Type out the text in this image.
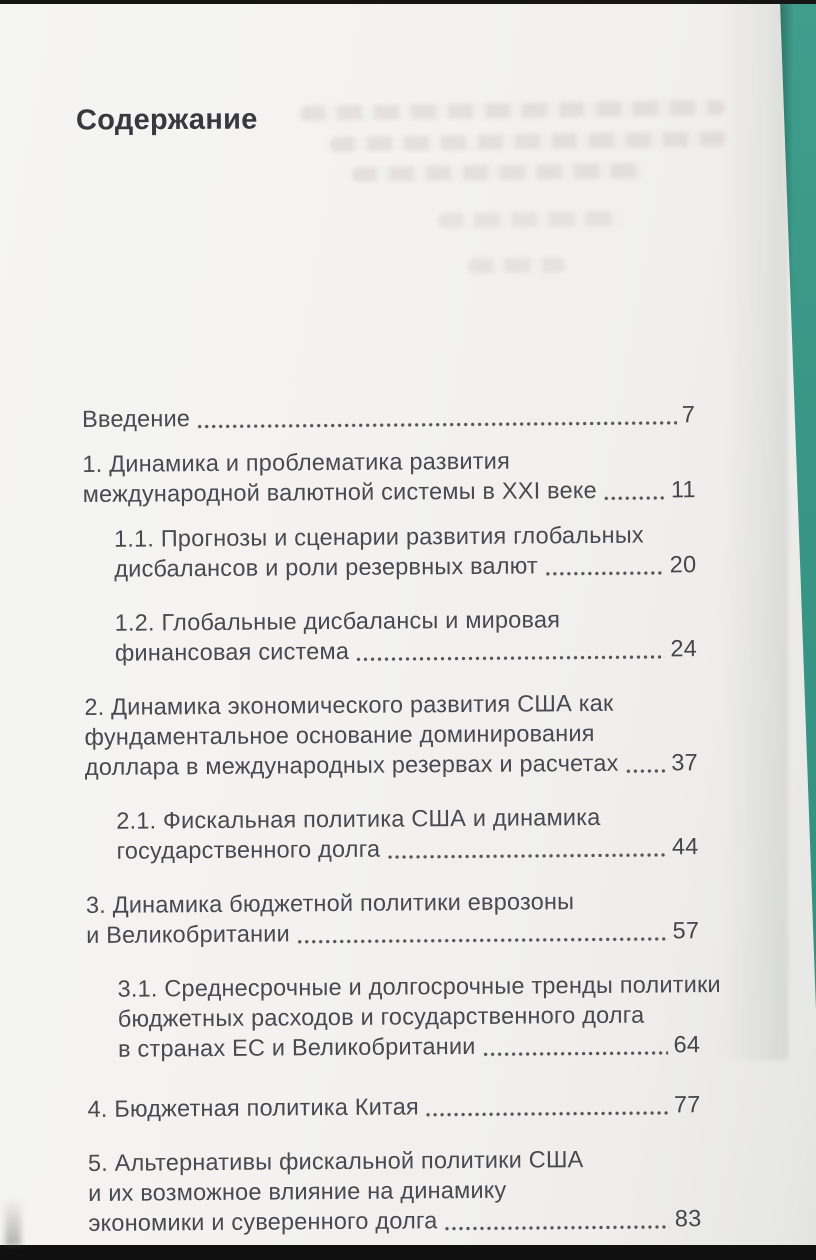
Содержание
Введение	7
1. Динамика и проблематика развития
международной валютной системы в XXI веке	11
1.1. Прогнозы и сценарии развития глобальных
дисбалансов и роли резервных валют	20
1.2. Глобальные дисбалансы и мировая
финансовая система	24
2. Динамика экономического развития США как
фундаментальное основание доминирования
доллара в международных резервах и расчетах 37
2.1. Фискальная политика США и динамика
государственного долга	44
3. Динамика бюджетной политики еврозоны
и Великобритании	57
3.1. Среднесрочные и долгосрочные тренды политики
бюджетных расходов и государственного долга
в странах ЕС и Великобритании	64
4. Бюджетная политика Китая	77
5. Альтернативы фискальной политики США
и их возможное влияние на динамику
экономики и суверенного долга	83
